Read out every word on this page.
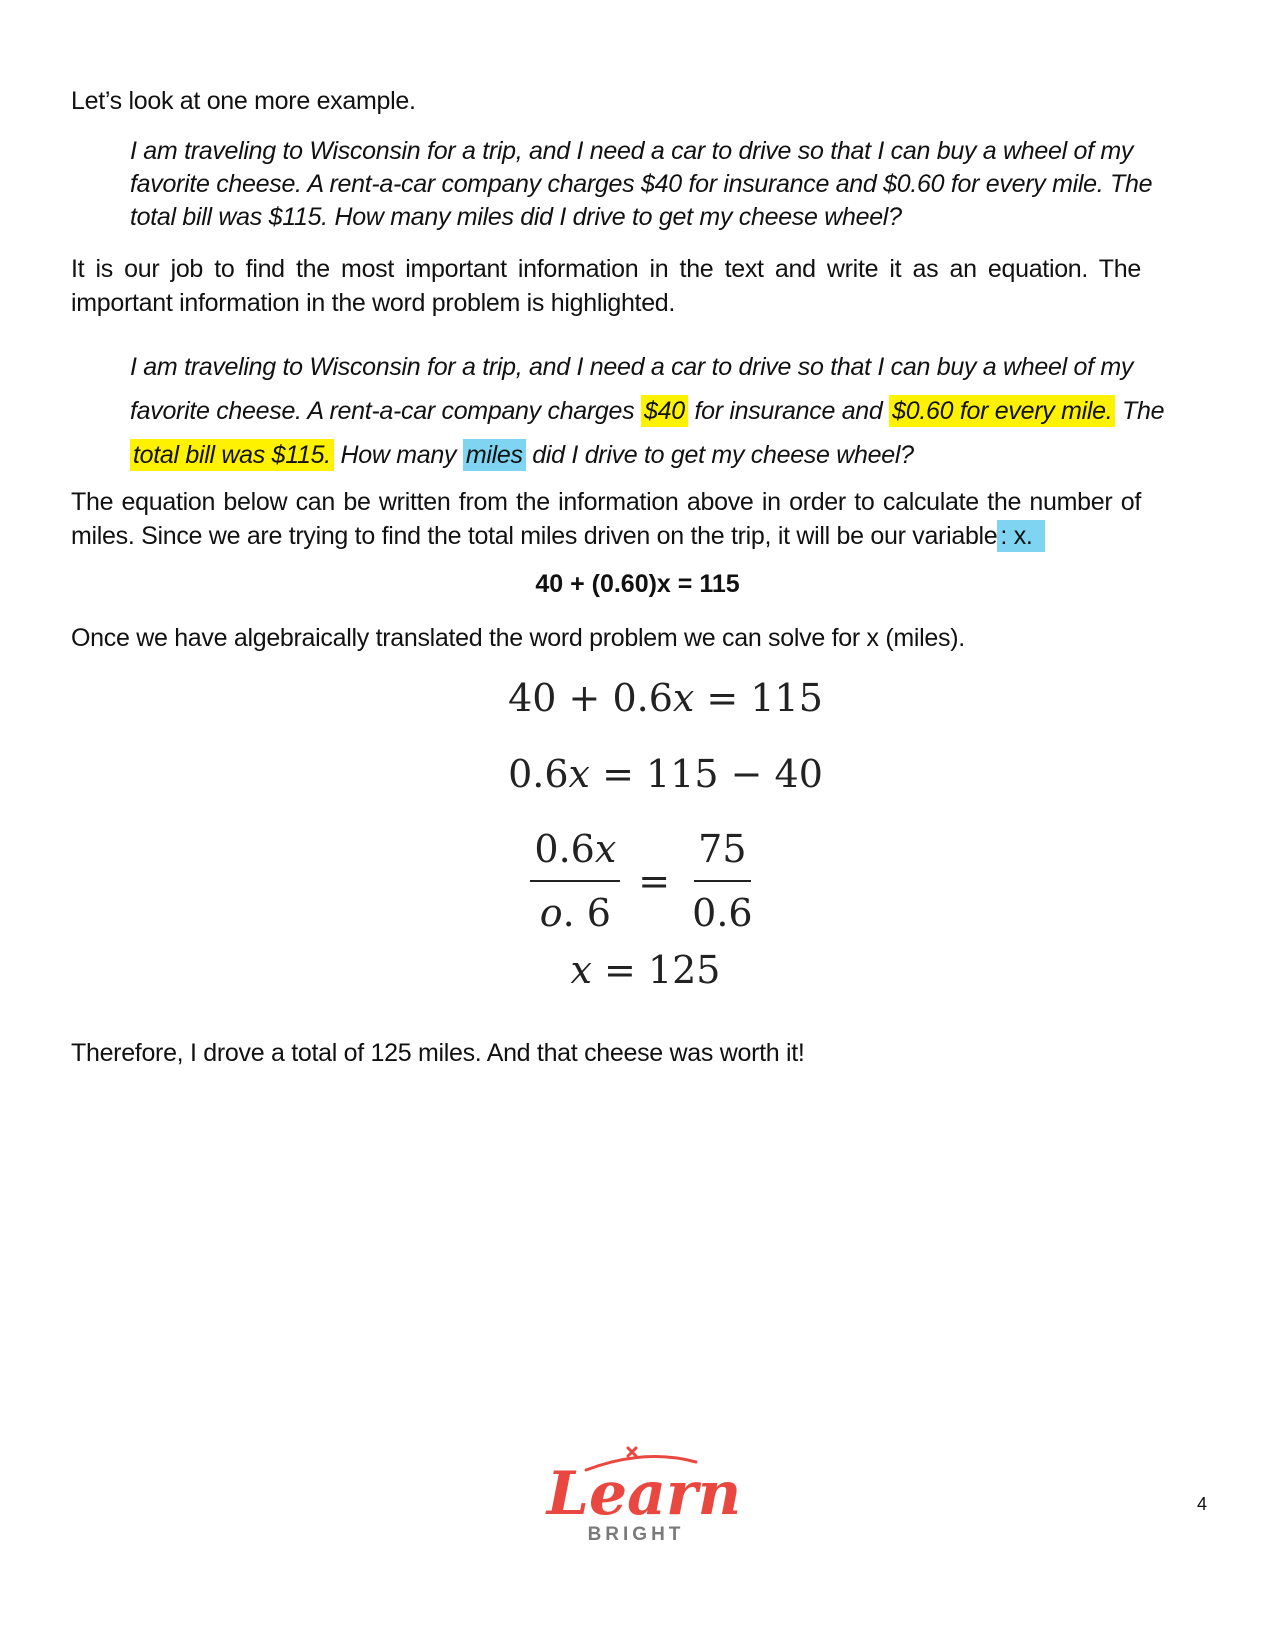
Let’s look at one more example.
I am traveling to Wisconsin for a trip, and I need a car to drive so that I can buy a wheel of my
favorite cheese. A rent-a-car company charges $40 for insurance and $0.60 for every mile. The
total bill was $115. How many miles did I drive to get my cheese wheel?
It is our job to find the most important information in the text and write it as an equation. The important information in the word problem is highlighted.
I am traveling to Wisconsin for a trip, and I need a car to drive so that I can buy a wheel of my
favorite cheese. A rent-a-car company charges $40 for insurance and $0.60 for every mile. The
total bill was $115. How many miles did I drive to get my cheese wheel?
The equation below can be written from the information above in order to calculate the number of miles. Since we are trying to find the total miles driven on the trip, it will be our variable : x.
40 + (0.60)x = 115
Once we have algebraically translated the word problem we can solve for x (miles).
40 + 0.6x = 115
0.6x = 115 − 40
$\frac{0.6x}{o. 6} = \frac{75}{0.6}$
x = 125
Therefore, I drove a total of 125 miles. And that cheese was worth it!
Learn
BRIGHT
4
